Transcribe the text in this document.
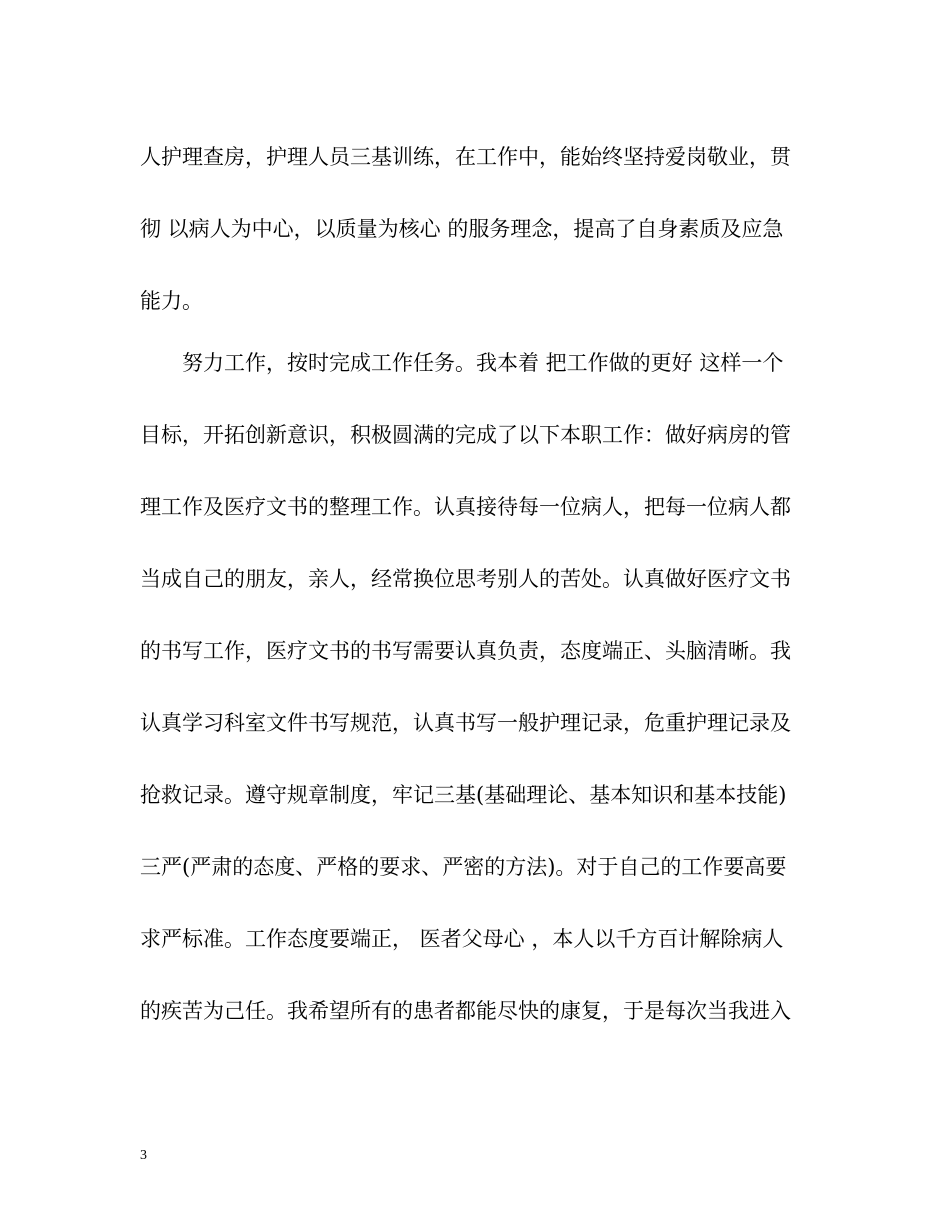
人护理查房，护理人员三基训练，在工作中，能始终坚持爱岗敬业，贯
彻 以病人为中心，以质量为核心 的服务理念，提高了自身素质及应急
能力。
　　努力工作，按时完成工作任务。我本着 把工作做的更好 这样一个
目标，开拓创新意识，积极圆满的完成了以下本职工作：做好病房的管
理工作及医疗文书的整理工作。认真接待每一位病人，把每一位病人都
当成自己的朋友，亲人，经常换位思考别人的苦处。认真做好医疗文书
的书写工作，医疗文书的书写需要认真负责，态度端正、头脑清晰。我
认真学习科室文件书写规范，认真书写一般护理记录，危重护理记录及
抢救记录。遵守规章制度，牢记三基(基础理论、基本知识和基本技能)
三严(严肃的态度、严格的要求、严密的方法)。对于自己的工作要高要
求严标准。工作态度要端正， 医者父母心 ，本人以千方百计解除病人
的疾苦为己任。我希望所有的患者都能尽快的康复，于是每次当我进入
3
